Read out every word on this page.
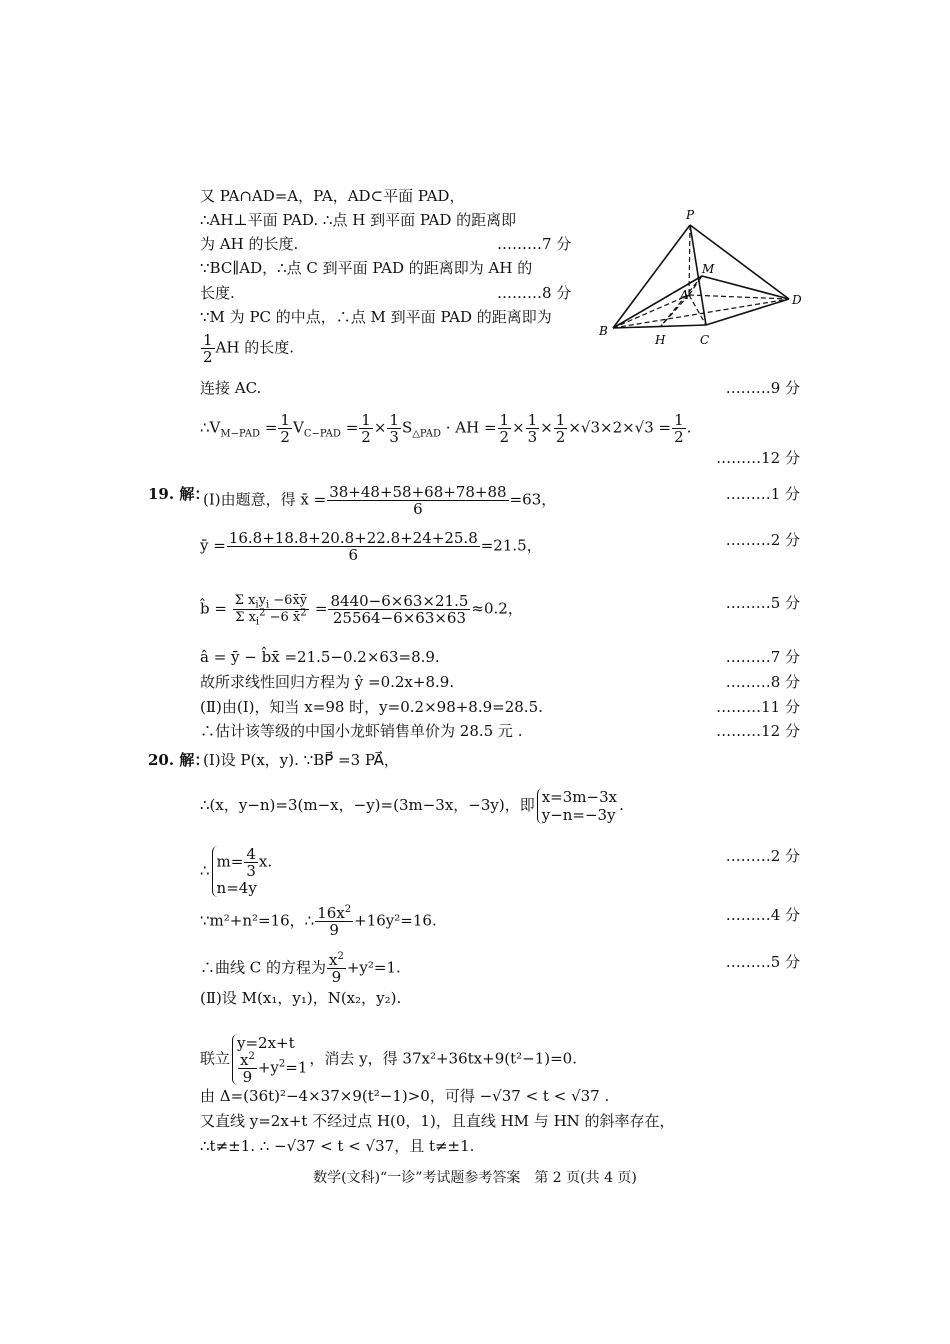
又 PA∩AD=A，PA，AD⊂平面 PAD，
∴AH⊥平面 PAD. ∴点 H 到平面 PAD 的距离即
为 AH 的长度.	………7 分
∵BC∥AD，∴点 C 到平面 PAD 的距离即为 AH 的
长度.	………8 分
∵M 为 PC 的中点，∴点 M 到平面 PAD 的距离即为
$\frac{1}{2}$ AH 的长度.
连接 AC.	………9 分
$\therefore V_{M-PAD} = \frac{1}{2} V_{C-PAD} = \frac{1}{2} \times \frac{1}{3} S_{\triangle PAD}$ · AH = $\frac{1}{2} \times \frac{1}{3} \times \frac{1}{2} \times√3\times 2\times√3 = \frac{1}{2}$ .
………12 分
P
M
A	D
B
H	C
19. 解：
(Ⅰ)由题意，得 x̄ = $\frac{38+48+58+68+78+88}{6} =63$，	………1 分
ȳ = $\frac{16.8+18.8+20.8+22.8+24+25.8}{6} =21.5$，	………2 分
b̂ = $\frac{\Sigma x_iy_i -6x̄ȳ}{\Sigma x_i^2 -6 x̄^2} = \frac{8440-6\times 63\times 21.5}{25564-6\times 63\times 63} \approx 0.2$，	………5 分
â = ȳ − b̂x̄ =21.5−0.2×63=8.9.	………7 分
故所求线性回归方程为 ŷ =0.2x+8.9.	………8 分
(Ⅱ)由(Ⅰ)，知当 x=98 时，y=0.2×98+8.9=28.5.	………11 分
∴估计该等级的中国小龙虾销售单价为 28.5 元 .	………12 分
20. 解：
(Ⅰ)设 P(x，y). ∵BP⃗ =3 PA⃗，
∴(x，y−n)=3(m−x，−y)=(3m−3x，−3y)，即 x=3m−3x
y−n=−3y
.
∴ $m= \frac{4}{3} x$.
n=4y
………2 分
∵m²+n²=16，∴ $\frac{16x^2}{9} +16y^2=16$.	………4 分
∴曲线 C 的方程为 $\frac{x^2}{9} +y^2=1$.	………5 分
(Ⅱ)设 M(x₁，y₁)，N(x₂，y₂).
联立
y=2x+t
$\frac{x^2}{9} +y^2=1$ ，消去 y，得 37x²+36tx+9(t²−1)=0.
由 Δ=(36t)²−4×37×9(t²−1)>0，可得 −√37 < t < √37 .
又直线 y=2x+t 不经过点 H(0，1)，且直线 HM 与 HN 的斜率存在，
∴t≠±1. ∴ −√37 < t < √37，且 t≠±1.
数学(文科)“一诊”考试题参考答案　第 2 页(共 4 页)
